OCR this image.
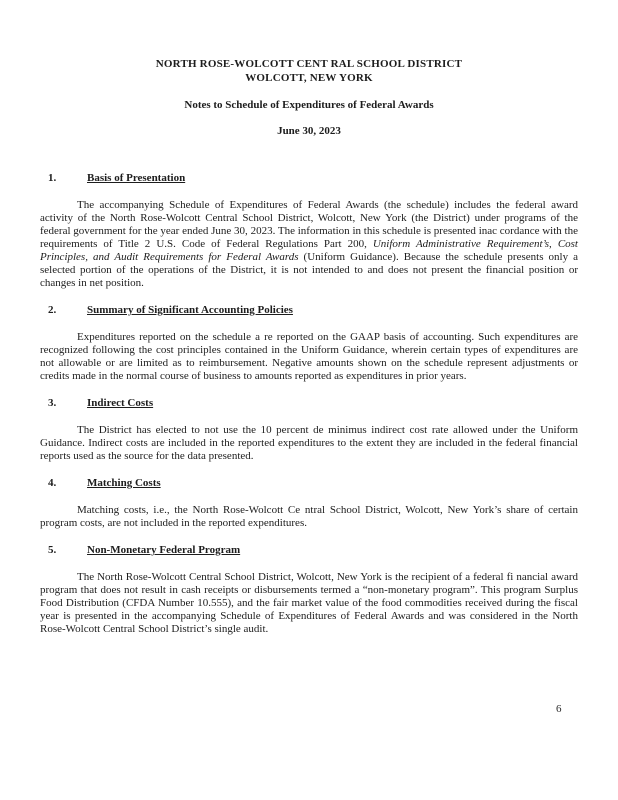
NORTH ROSE-WOLCOTT CENT RAL SCHOOL DISTRICT
WOLCOTT, NEW YORK
Notes to Schedule of Expenditures of Federal Awards
June 30, 2023
1.	Basis of Presentation

The accompanying Schedule of Expenditures of Federal Awards (the schedule) includes the federal award activity of the North Rose-Wolcott Central School District, Wolcott, New York (the District) under programs of the federal government for the year ended June 30, 2023. The information in this schedule is presented inac cordance with the requirements of Title 2 U.S. Code of Federal Regulations Part 200, Uniform Administrative Requirement’s, Cost Principles, and Audit Requirements for Federal Awards (Uniform Guidance). Because the schedule presents only a selected portion of the operations of the District, it is not intended to and does not present the financial position or changes in net position.

2.	Summary of Significant Accounting Policies

Expenditures reported on the schedule a re reported on the GAAP basis of accounting. Such expenditures are recognized following the cost principles contained in the Uniform Guidance, wherein certain types of expenditures are not allowable or are limited as to reimbursement. Negative amounts shown on the schedule represent adjustments or credits made in the normal course of business to amounts reported as expenditures in prior years.

3.	Indirect Costs

The District has elected to not use the 10 percent de minimus indirect cost rate allowed under the Uniform Guidance. Indirect costs are included in the reported expenditures to the extent they are included in the federal financial reports used as the source for the data presented.

4.	Matching Costs

Matching costs, i.e., the North Rose-Wolcott Ce ntral School District, Wolcott, New York’s share of certain program costs, are not included in the reported expenditures.

5.	Non-Monetary Federal Program

The North Rose-Wolcott Central School District, Wolcott, New York is the recipient of a federal fi nancial award program that does not result in cash receipts or disbursements termed a “non-monetary program”. This program Surplus Food Distribution (CFDA Number 10.555), and the fair market value of the food commodities received during the fiscal year is presented in the accompanying Schedule of Expenditures of Federal Awards and was considered in the North Rose-Wolcott Central School District’s single audit.

6
